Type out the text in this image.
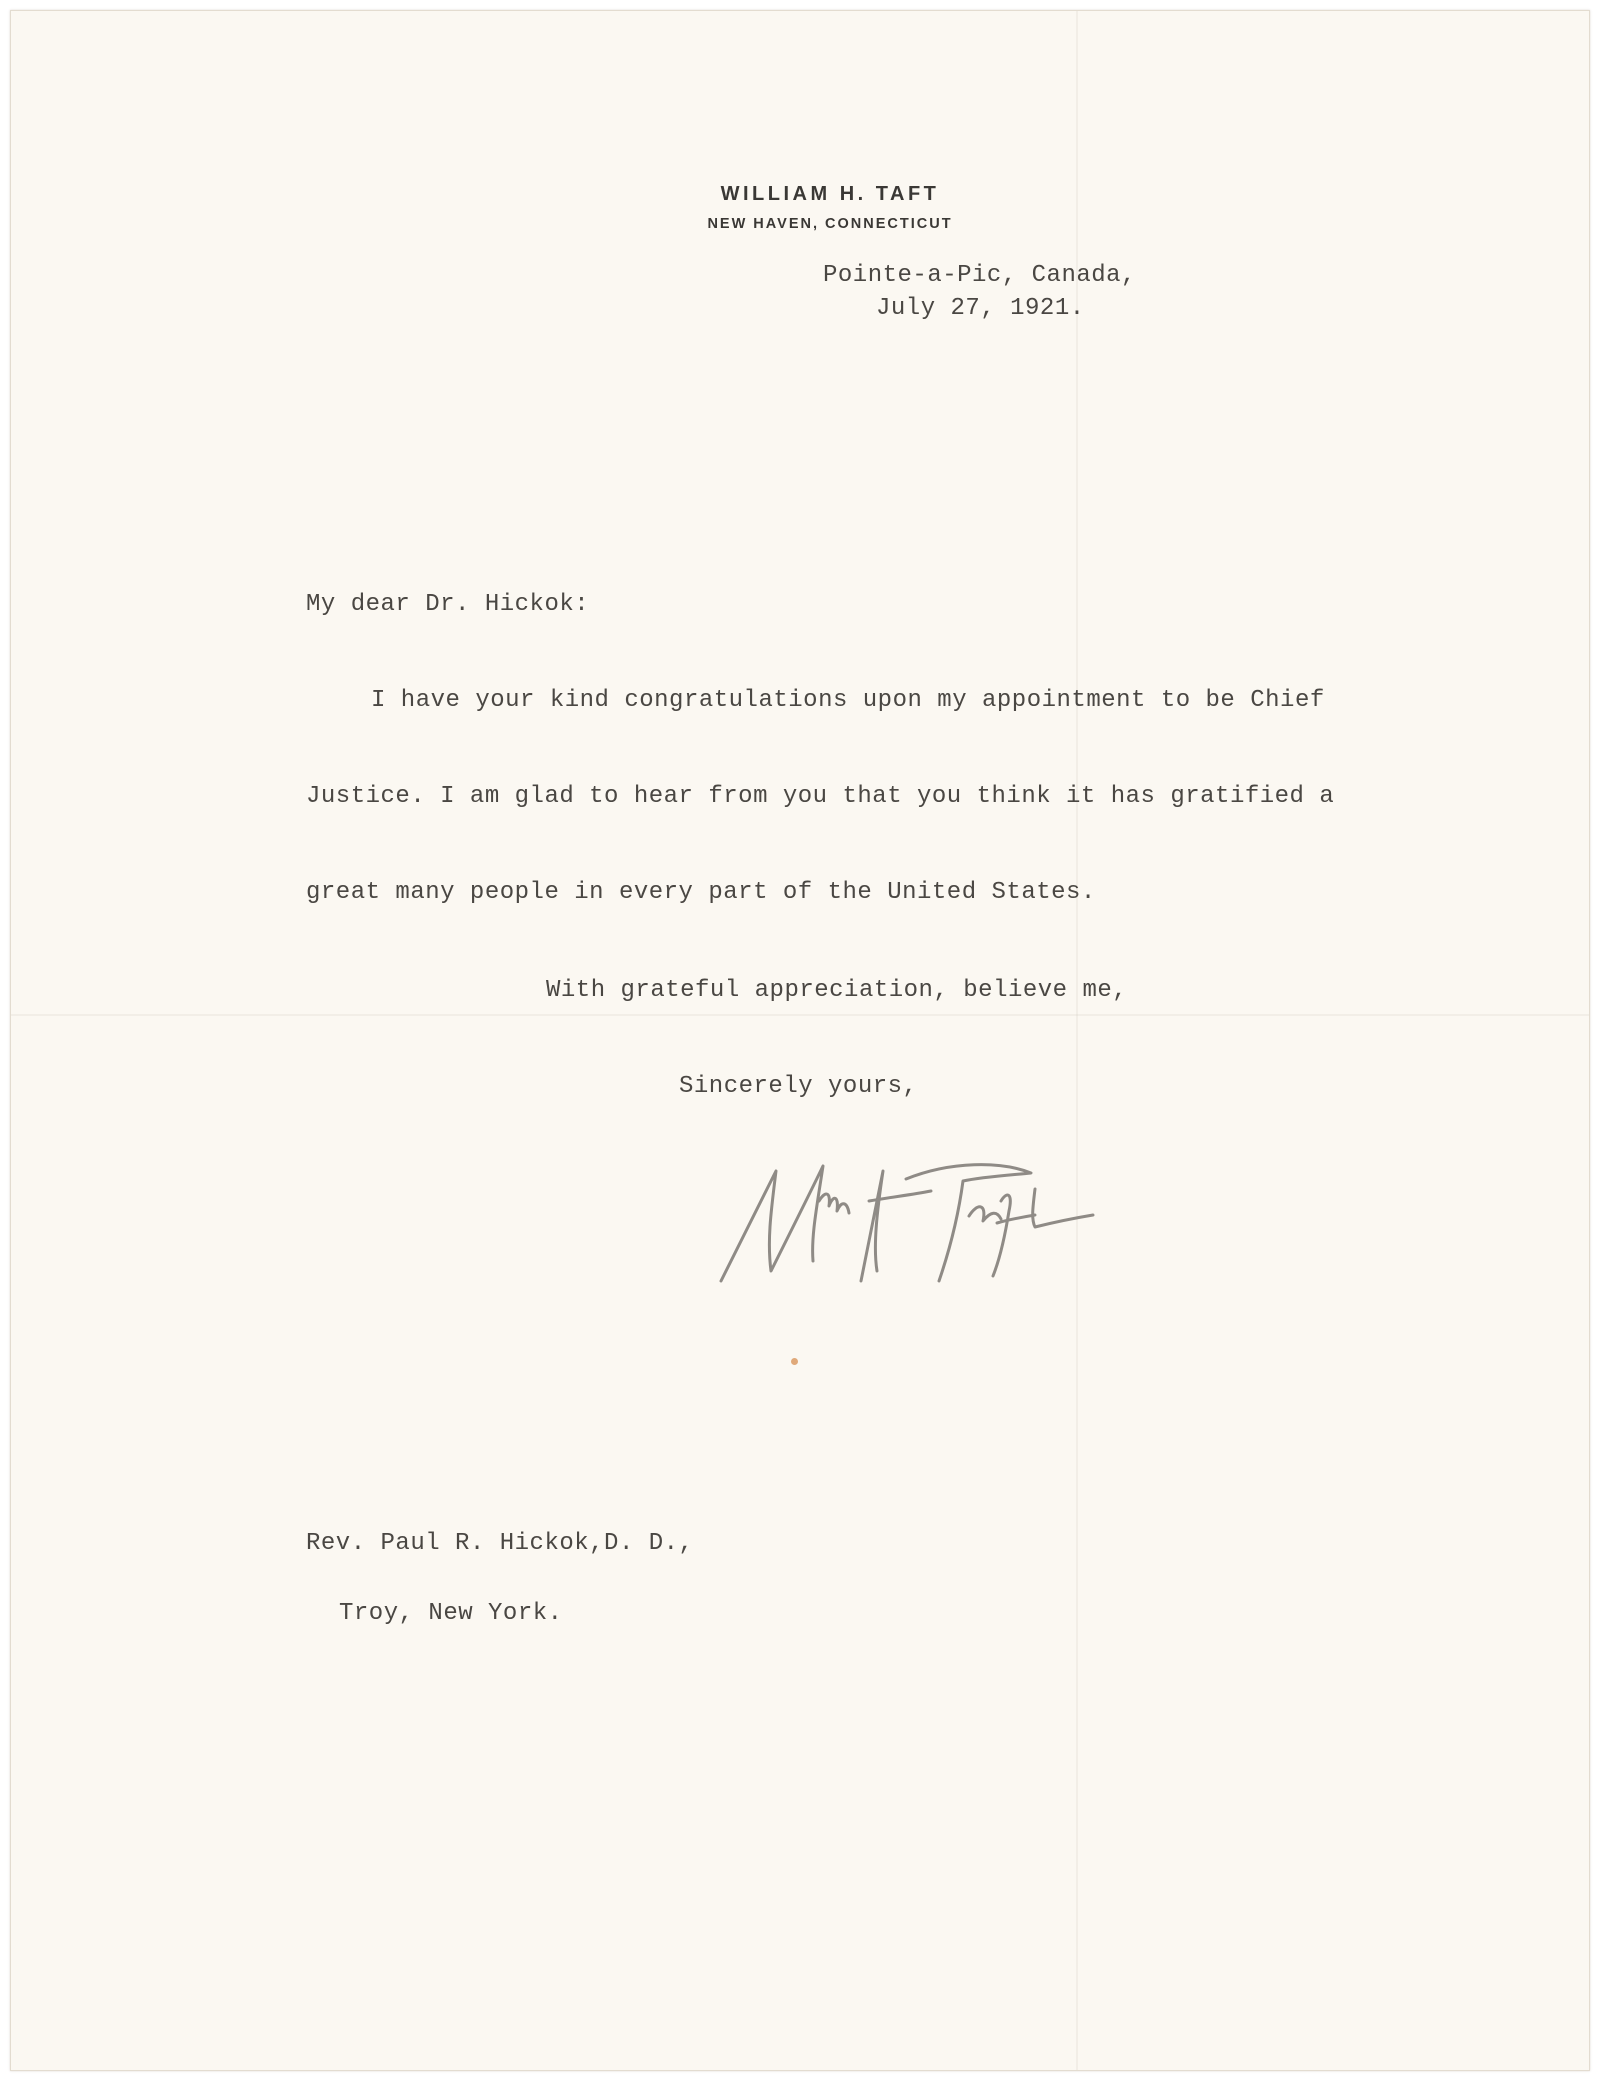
WILLIAM H. TAFT
NEW HAVEN, CONNECTICUT
Pointe-a-Pic, Canada,
July 27, 1921.
My dear Dr. Hickok:
I have your kind congratulations upon my appointment to be Chief
Justice. I am glad to hear from you that you think it has gratified a
great many people in every part of the United States.
With grateful appreciation, believe me,
Sincerely yours,
Rev. Paul R. Hickok,D. D.,
Troy, New York.
